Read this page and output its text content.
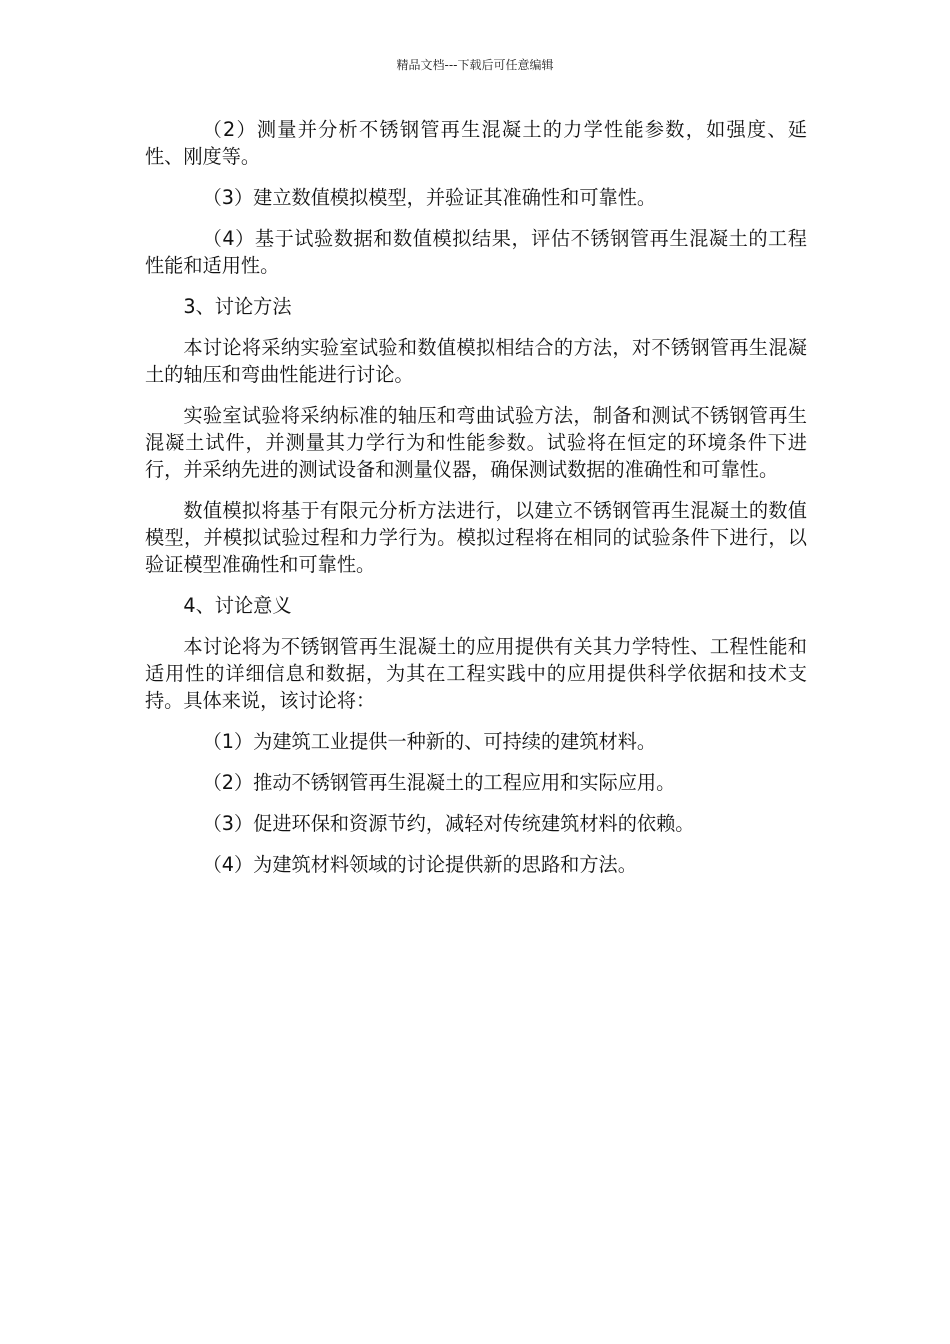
精品文档---下载后可任意编辑

（2）测量并分析不锈钢管再生混凝土的力学性能参数，如强度、延性、刚度等。

（3）建立数值模拟模型，并验证其准确性和可靠性。

（4）基于试验数据和数值模拟结果，评估不锈钢管再生混凝土的工程性能和适用性。

3、讨论方法

本讨论将采纳实验室试验和数值模拟相结合的方法，对不锈钢管再生混凝土的轴压和弯曲性能进行讨论。

实验室试验将采纳标准的轴压和弯曲试验方法，制备和测试不锈钢管再生混凝土试件，并测量其力学行为和性能参数。试验将在恒定的环境条件下进行，并采纳先进的测试设备和测量仪器，确保测试数据的准确性和可靠性。

数值模拟将基于有限元分析方法进行，以建立不锈钢管再生混凝土的数值模型，并模拟试验过程和力学行为。模拟过程将在相同的试验条件下进行，以验证模型准确性和可靠性。

4、讨论意义

本讨论将为不锈钢管再生混凝土的应用提供有关其力学特性、工程性能和适用性的详细信息和数据，为其在工程实践中的应用提供科学依据和技术支持。具体来说，该讨论将：

（1）为建筑工业提供一种新的、可持续的建筑材料。

（2）推动不锈钢管再生混凝土的工程应用和实际应用。

（3）促进环保和资源节约，减轻对传统建筑材料的依赖。

（4）为建筑材料领域的讨论提供新的思路和方法。
